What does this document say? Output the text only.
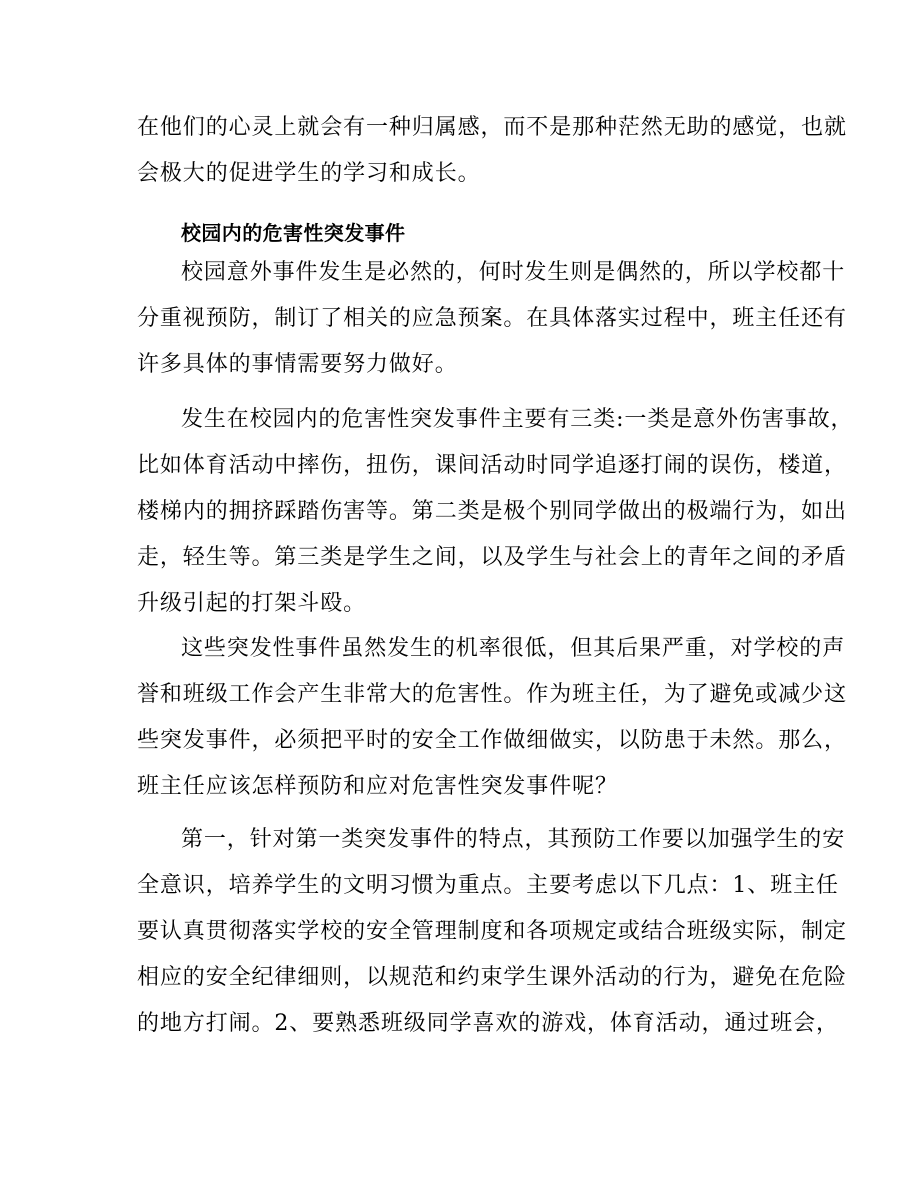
在他们的心灵上就会有一种归属感，而不是那种茫然无助的感觉，也就
会极大的促进学生的学习和成长。

校园内的危害性突发事件

校园意外事件发生是必然的，何时发生则是偶然的，所以学校都十
分重视预防，制订了相关的应急预案。在具体落实过程中，班主任还有
许多具体的事情需要努力做好。

发生在校园内的危害性突发事件主要有三类:一类是意外伤害事故，
比如体育活动中摔伤，扭伤，课间活动时同学追逐打闹的误伤，楼道，
楼梯内的拥挤踩踏伤害等。第二类是极个别同学做出的极端行为，如出
走，轻生等。第三类是学生之间，以及学生与社会上的青年之间的矛盾
升级引起的打架斗殴。

这些突发性事件虽然发生的机率很低，但其后果严重，对学校的声
誉和班级工作会产生非常大的危害性。作为班主任，为了避免或减少这
些突发事件，必须把平时的安全工作做细做实，以防患于未然。那么，
班主任应该怎样预防和应对危害性突发事件呢？

第一，针对第一类突发事件的特点，其预防工作要以加强学生的安
全意识，培养学生的文明习惯为重点。主要考虑以下几点：1、班主任
要认真贯彻落实学校的安全管理制度和各项规定或结合班级实际，制定
相应的安全纪律细则，以规范和约束学生课外活动的行为，避免在危险
的地方打闹。2、要熟悉班级同学喜欢的游戏，体育活动，通过班会，
